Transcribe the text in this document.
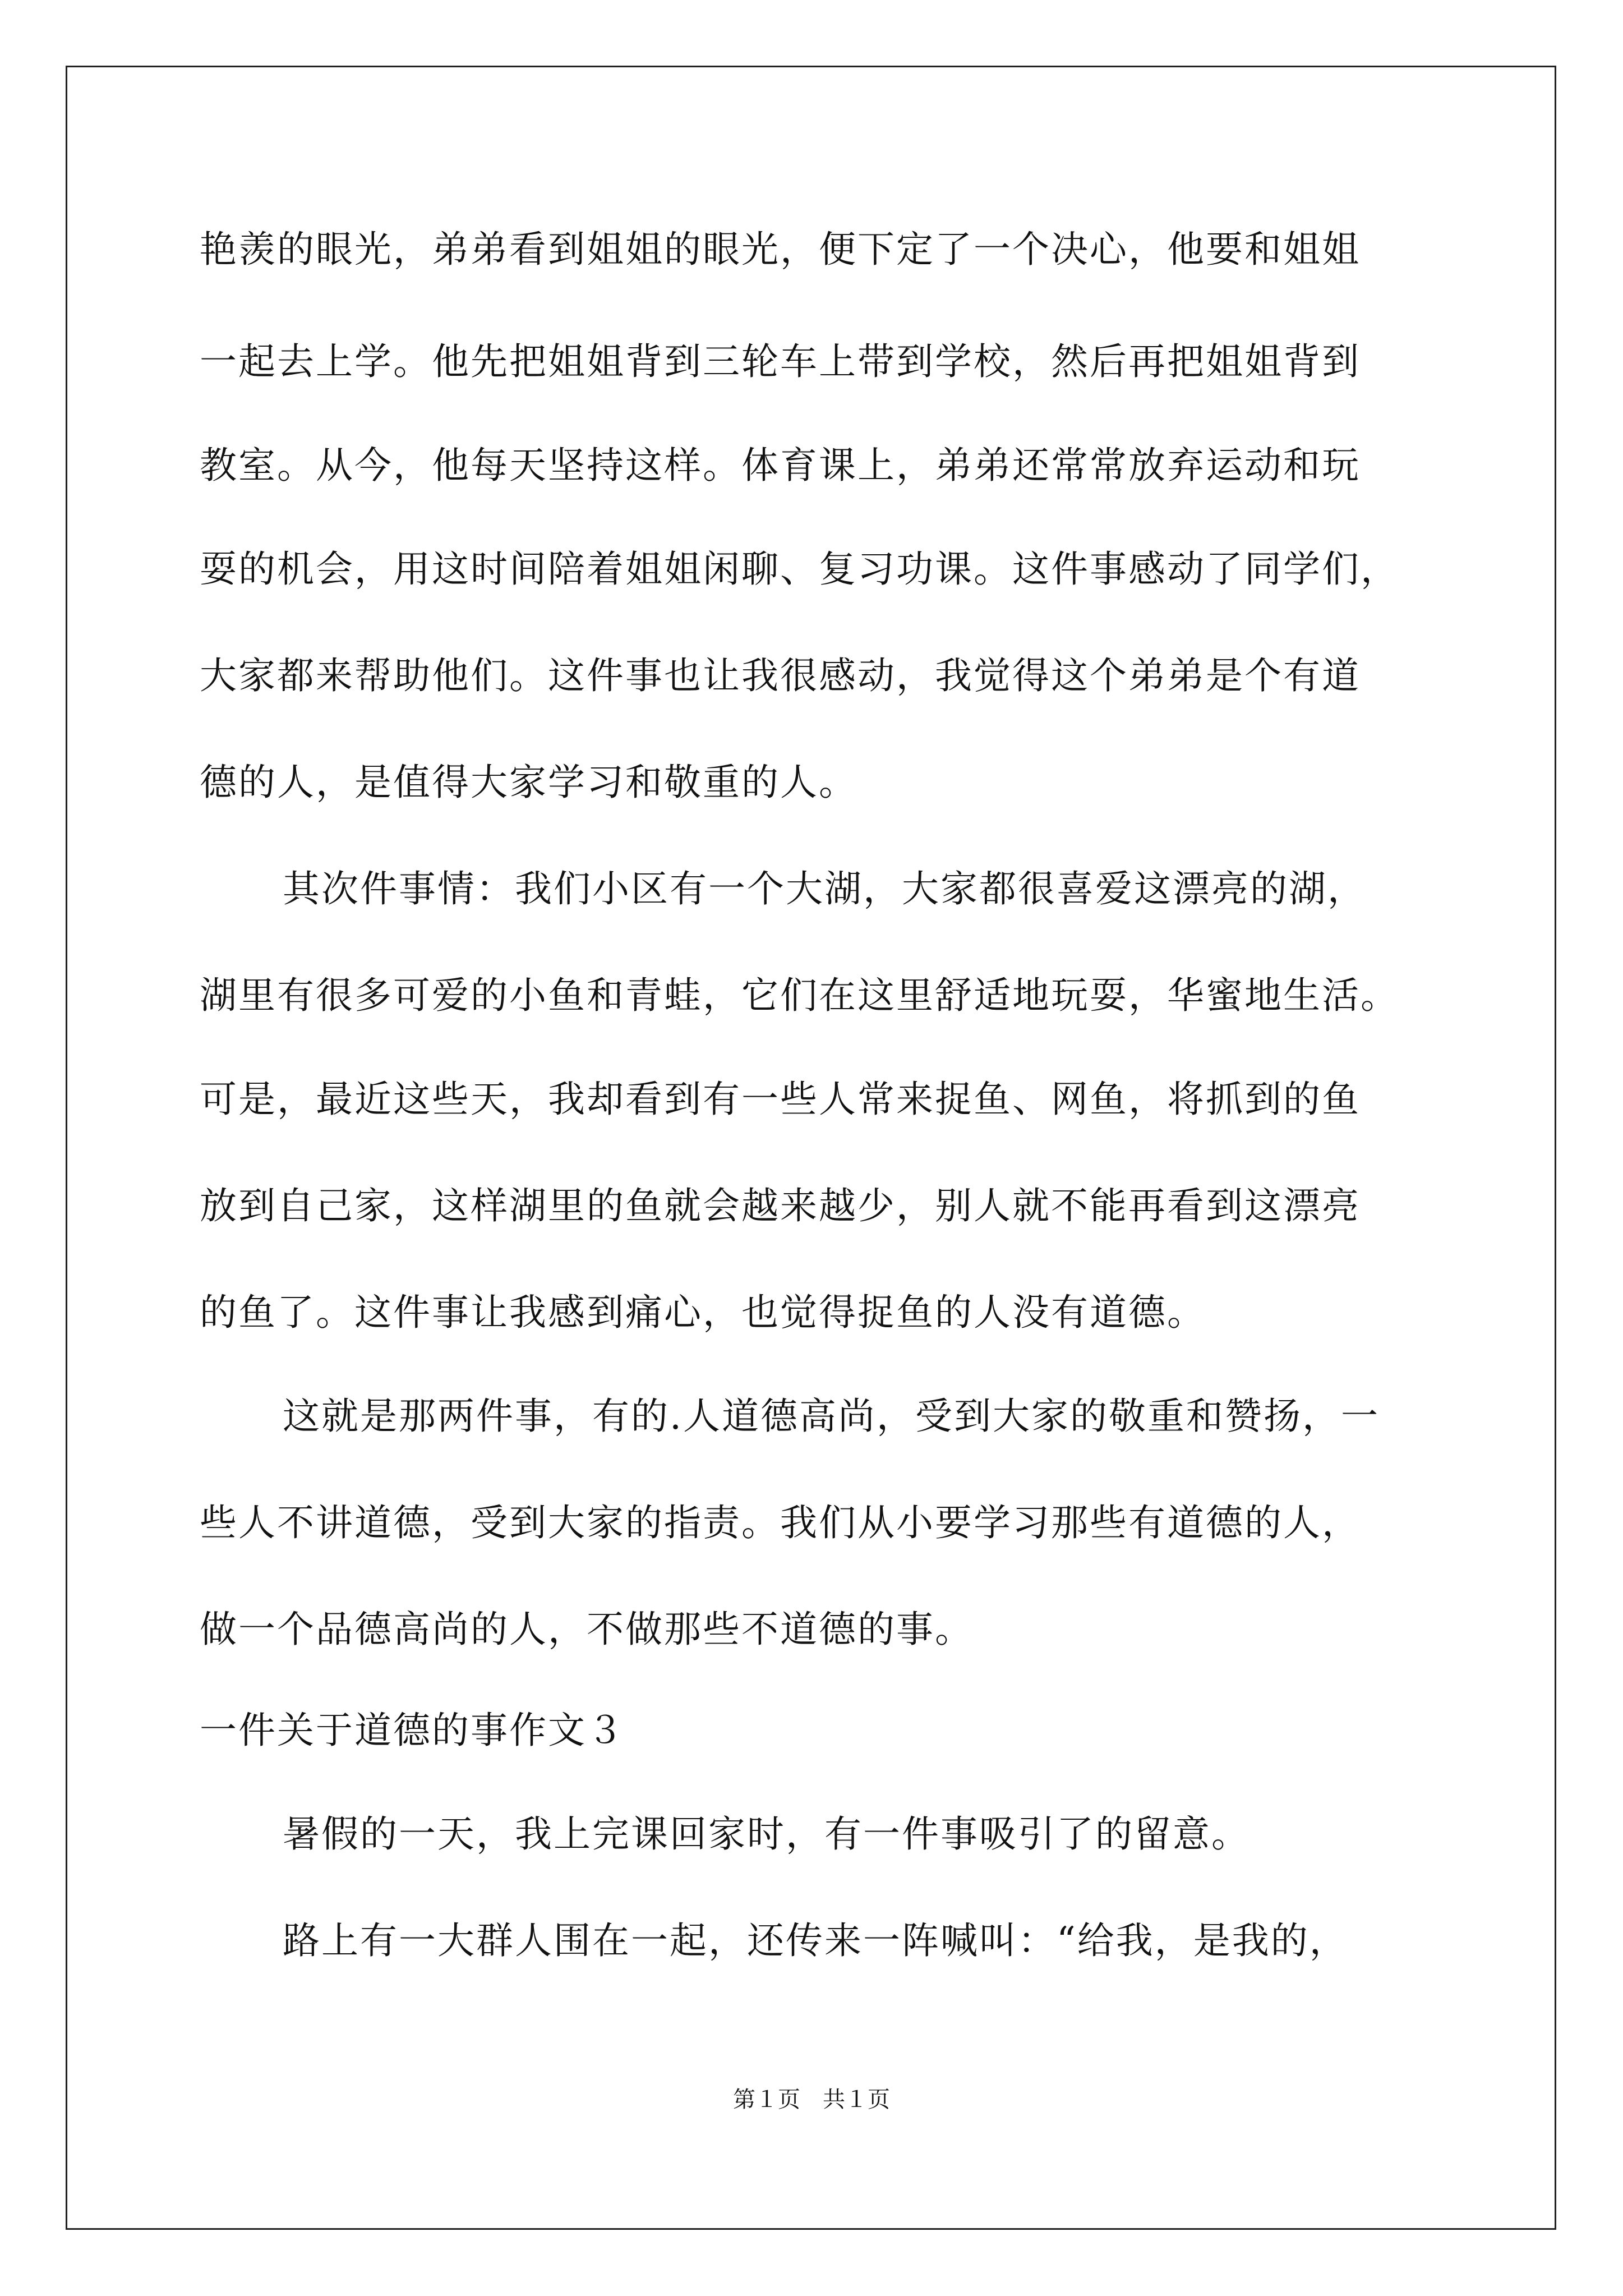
艳羡的眼光，弟弟看到姐姐的眼光，便下定了一个决心，他要和姐姐
一起去上学。他先把姐姐背到三轮车上带到学校，然后再把姐姐背到
教室。从今，他每天坚持这样。体育课上，弟弟还常常放弃运动和玩
耍的机会，用这时间陪着姐姐闲聊、复习功课。这件事感动了同学们，
大家都来帮助他们。这件事也让我很感动，我觉得这个弟弟是个有道
德的人，是值得大家学习和敬重的人。
其次件事情：我们小区有一个大湖，大家都很喜爱这漂亮的湖，
湖里有很多可爱的小鱼和青蛙，它们在这里舒适地玩耍，华蜜地生活。
可是，最近这些天，我却看到有一些人常来捉鱼、网鱼，将抓到的鱼
放到自己家，这样湖里的鱼就会越来越少，别人就不能再看到这漂亮
的鱼了。这件事让我感到痛心，也觉得捉鱼的人没有道德。
这就是那两件事，有的.人道德高尚，受到大家的敬重和赞扬，一
些人不讲道德，受到大家的指责。我们从小要学习那些有道德的人，
做一个品德高尚的人，不做那些不道德的事。
一件关于道德的事作文３
暑假的一天，我上完课回家时，有一件事吸引了的留意。
路上有一大群人围在一起，还传来一阵喊叫：“给我，是我的，
第１页　共１页
